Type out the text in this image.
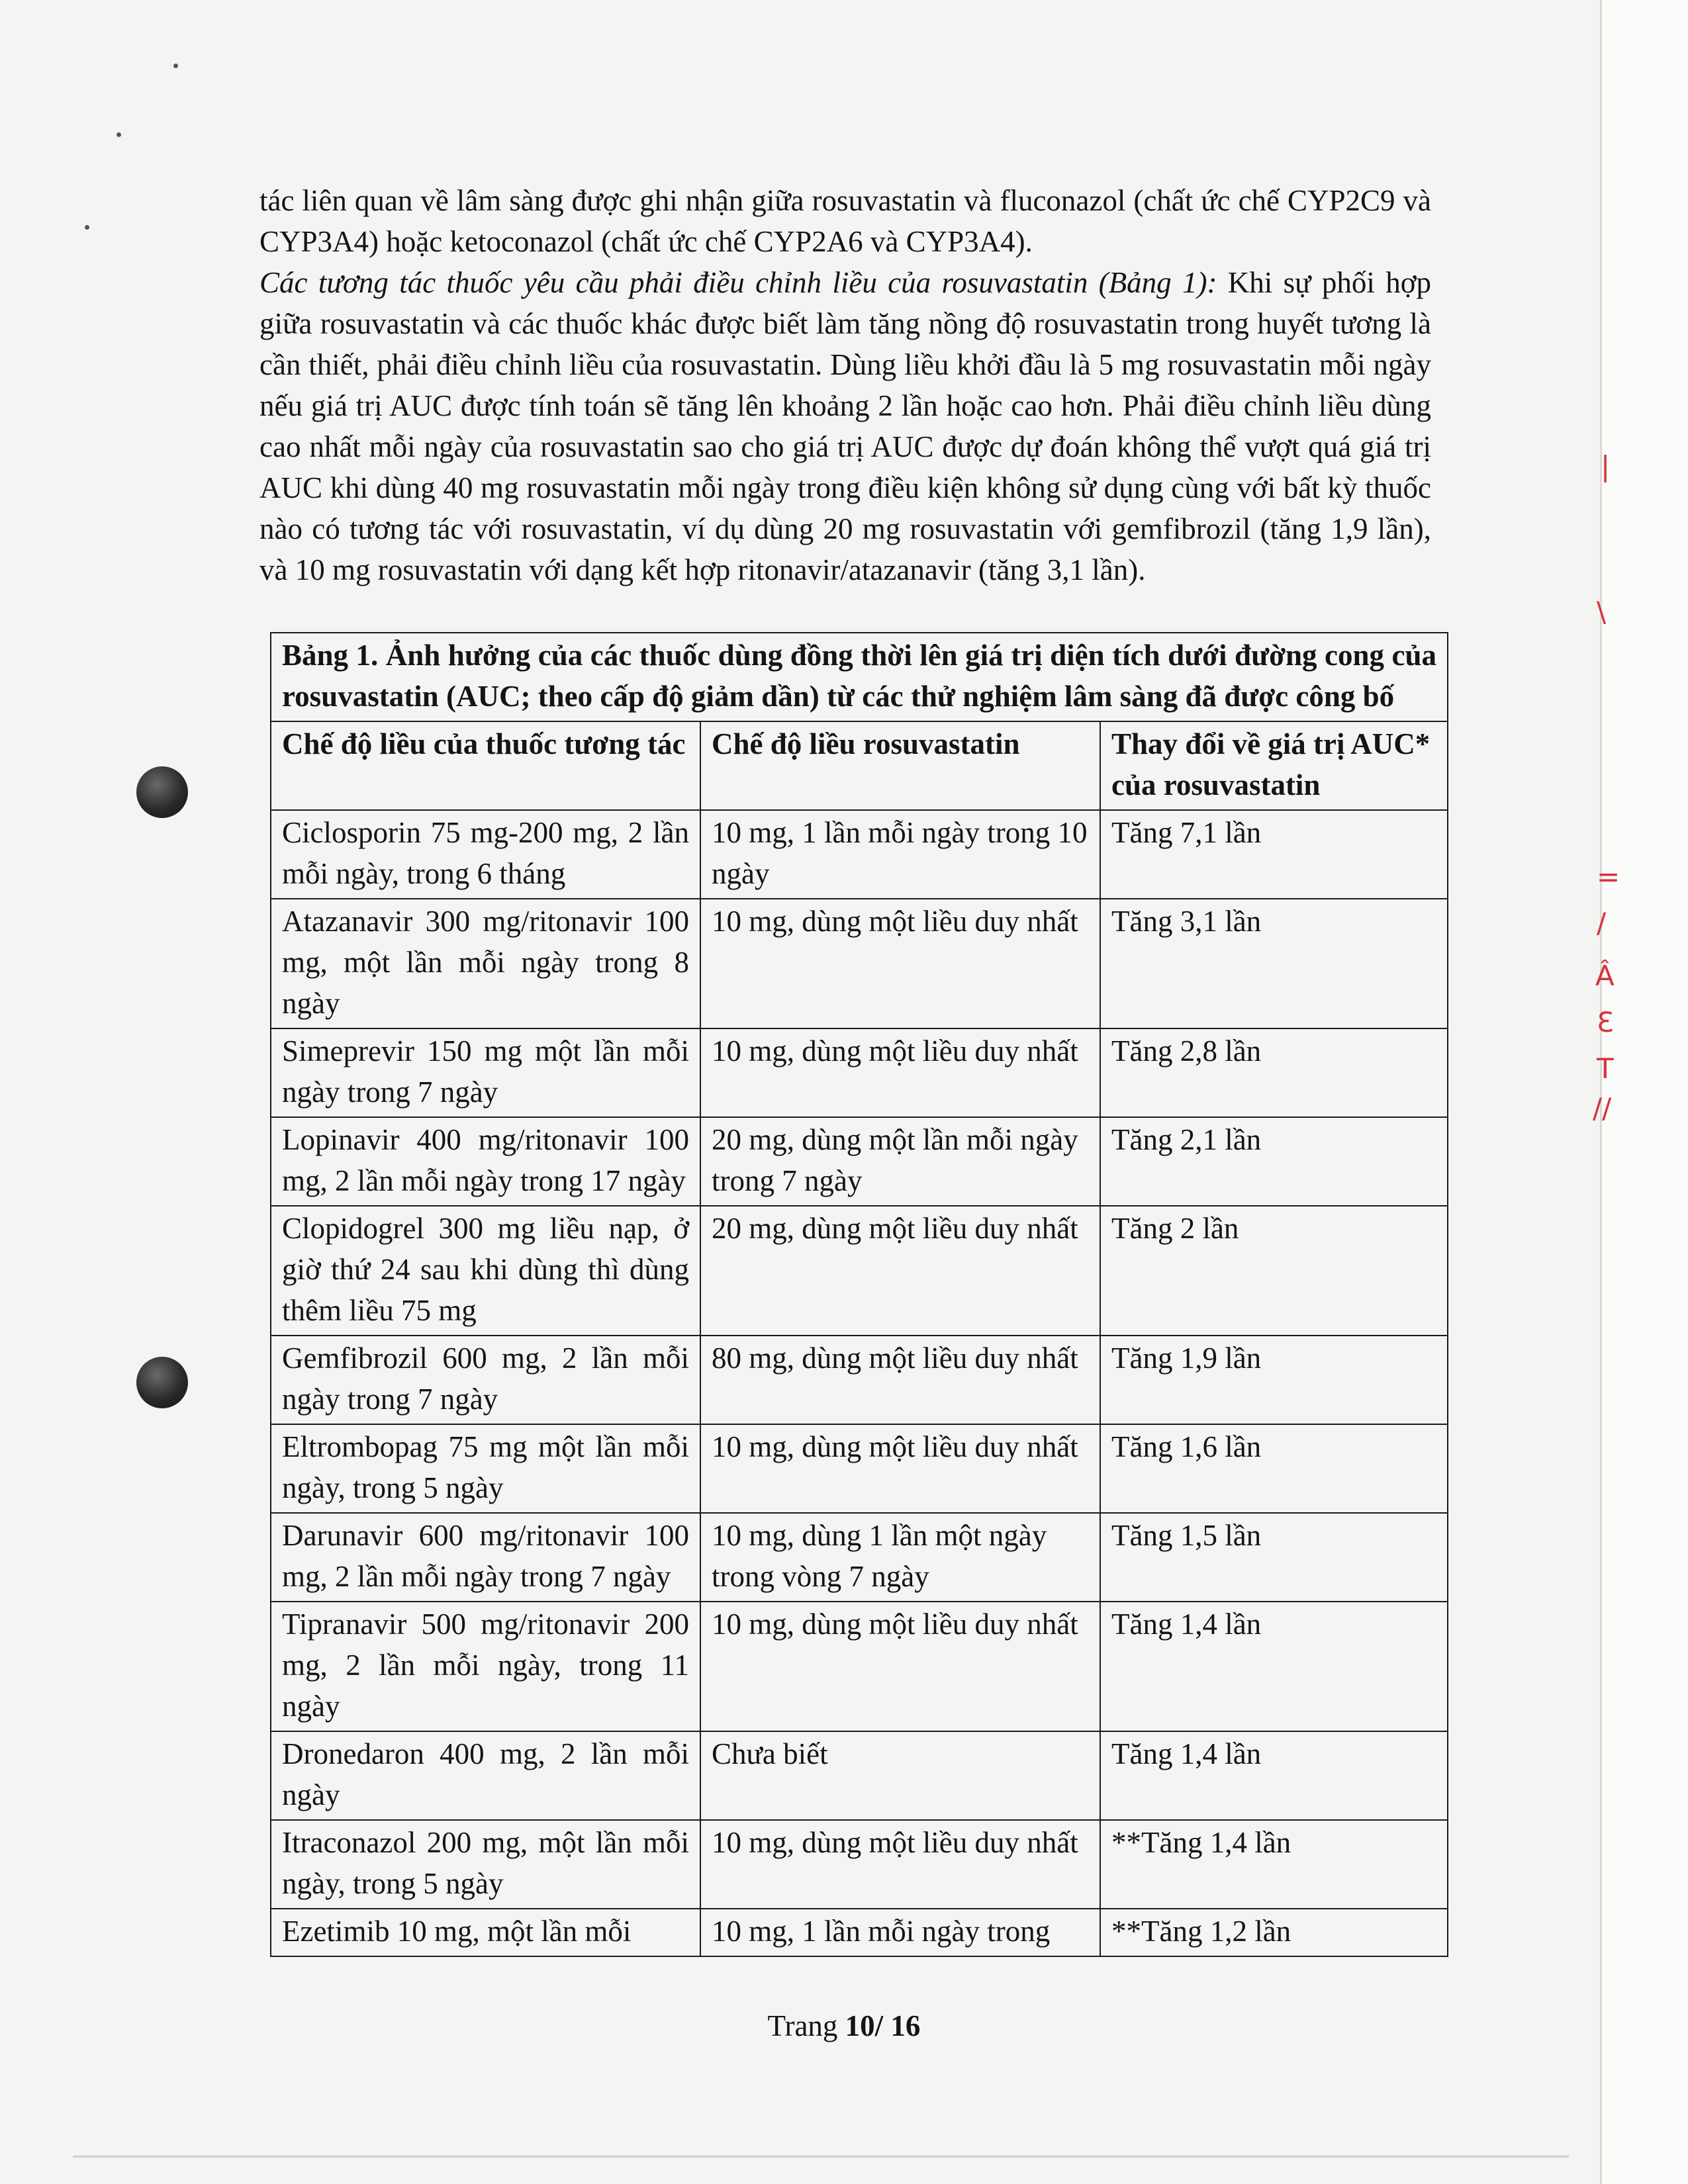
|
\
=
/
Â
Ɛ
T
//

tác liên quan về lâm sàng được ghi nhận giữa rosuvastatin và fluconazol (chất ức chế CYP2C9 và CYP3A4) hoặc ketoconazol (chất ức chế CYP2A6 và CYP3A4).

Các tương tác thuốc yêu cầu phải điều chỉnh liều của rosuvastatin (Bảng 1): Khi sự phối hợp giữa rosuvastatin và các thuốc khác được biết làm tăng nồng độ rosuvastatin trong huyết tương là cần thiết, phải điều chỉnh liều của rosuvastatin. Dùng liều khởi đầu là 5 mg rosuvastatin mỗi ngày nếu giá trị AUC được tính toán sẽ tăng lên khoảng 2 lần hoặc cao hơn. Phải điều chỉnh liều dùng cao nhất mỗi ngày của rosuvastatin sao cho giá trị AUC được dự đoán không thể vượt quá giá trị AUC khi dùng 40 mg rosuvastatin mỗi ngày trong điều kiện không sử dụng cùng với bất kỳ thuốc nào có tương tác với rosuvastatin, ví dụ dùng 20 mg rosuvastatin với gemfibrozil (tăng 1,9 lần), và 10 mg rosuvastatin với dạng kết hợp ritonavir/atazanavir (tăng 3,1 lần).

Bảng 1. Ảnh hưởng của các thuốc dùng đồng thời lên giá trị diện tích dưới đường cong của rosuvastatin (AUC; theo cấp độ giảm dần) từ các thử nghiệm lâm sàng đã được công bố		
Chế độ liều của thuốc tương tác	Chế độ liều rosuvastatin	Thay đổi về giá trị AUC* của rosuvastatin
Ciclosporin 75 mg-200 mg, 2 lần mỗi ngày, trong 6 tháng	10 mg, 1 lần mỗi ngày trong 10 ngày	Tăng 7,1 lần
Atazanavir 300 mg/ritonavir 100 mg, một lần mỗi ngày trong 8 ngày	10 mg, dùng một liều duy nhất	Tăng 3,1 lần
Simeprevir 150 mg một lần mỗi ngày trong 7 ngày	10 mg, dùng một liều duy nhất	Tăng 2,8 lần
Lopinavir 400 mg/ritonavir 100 mg, 2 lần mỗi ngày trong 17 ngày	20 mg, dùng một lần mỗi ngày trong 7 ngày	Tăng 2,1 lần
Clopidogrel 300 mg liều nạp, ở giờ thứ 24 sau khi dùng thì dùng thêm liều 75 mg	20 mg, dùng một liều duy nhất	Tăng 2 lần
Gemfibrozil 600 mg, 2 lần mỗi ngày trong 7 ngày	80 mg, dùng một liều duy nhất	Tăng 1,9 lần
Eltrombopag 75 mg một lần mỗi ngày, trong 5 ngày	10 mg, dùng một liều duy nhất	Tăng 1,6 lần
Darunavir 600 mg/ritonavir 100 mg, 2 lần mỗi ngày trong 7 ngày	10 mg, dùng 1 lần một ngày trong vòng 7 ngày	Tăng 1,5 lần
Tipranavir 500 mg/ritonavir 200 mg, 2 lần mỗi ngày, trong 11 ngày	10 mg, dùng một liều duy nhất	Tăng 1,4 lần
Dronedaron 400 mg, 2 lần mỗi ngày	Chưa biết	Tăng 1,4 lần
Itraconazol 200 mg, một lần mỗi ngày, trong 5 ngày	10 mg, dùng một liều duy nhất	**Tăng 1,4 lần
Ezetimib 10 mg, một lần mỗi	10 mg, 1 lần mỗi ngày trong	**Tăng 1,2 lần
Trang 10/ 16
